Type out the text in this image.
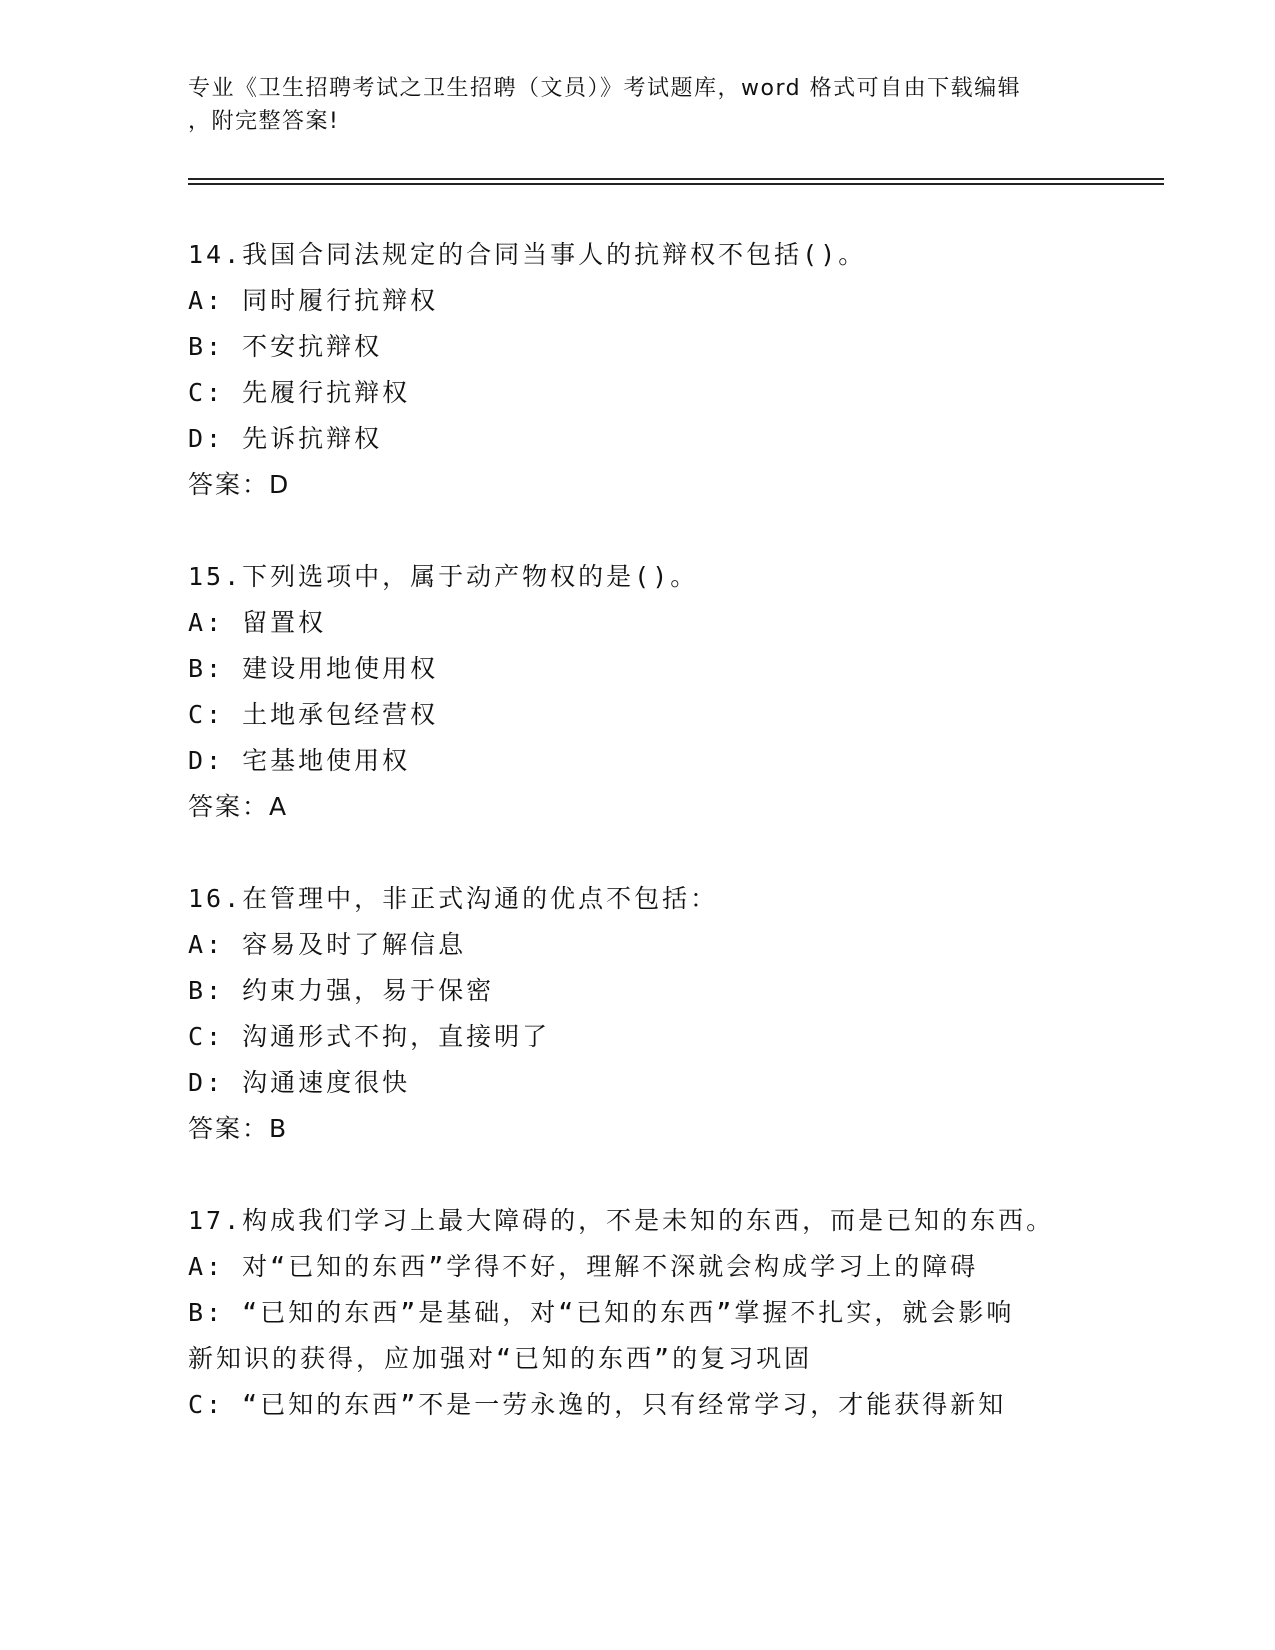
专业《卫生招聘考试之卫生招聘（文员）》考试题库，word 格式可自由下载编辑
，附完整答案!
14.我国合同法规定的合同当事人的抗辩权不包括()。
A: 同时履行抗辩权
B: 不安抗辩权
C: 先履行抗辩权
D: 先诉抗辩权
答案：D
15.下列选项中，属于动产物权的是()。
A: 留置权
B: 建设用地使用权
C: 土地承包经营权
D: 宅基地使用权
答案：A
16.在管理中，非正式沟通的优点不包括：
A: 容易及时了解信息
B: 约束力强，易于保密
C: 沟通形式不拘，直接明了
D: 沟通速度很快
答案：B
17.构成我们学习上最大障碍的，不是未知的东西，而是已知的东西。
A: 对“已知的东西”学得不好，理解不深就会构成学习上的障碍
B: “已知的东西”是基础，对“已知的东西”掌握不扎实，就会影响
新知识的获得，应加强对“已知的东西”的复习巩固
C: “已知的东西”不是一劳永逸的，只有经常学习，才能获得新知
